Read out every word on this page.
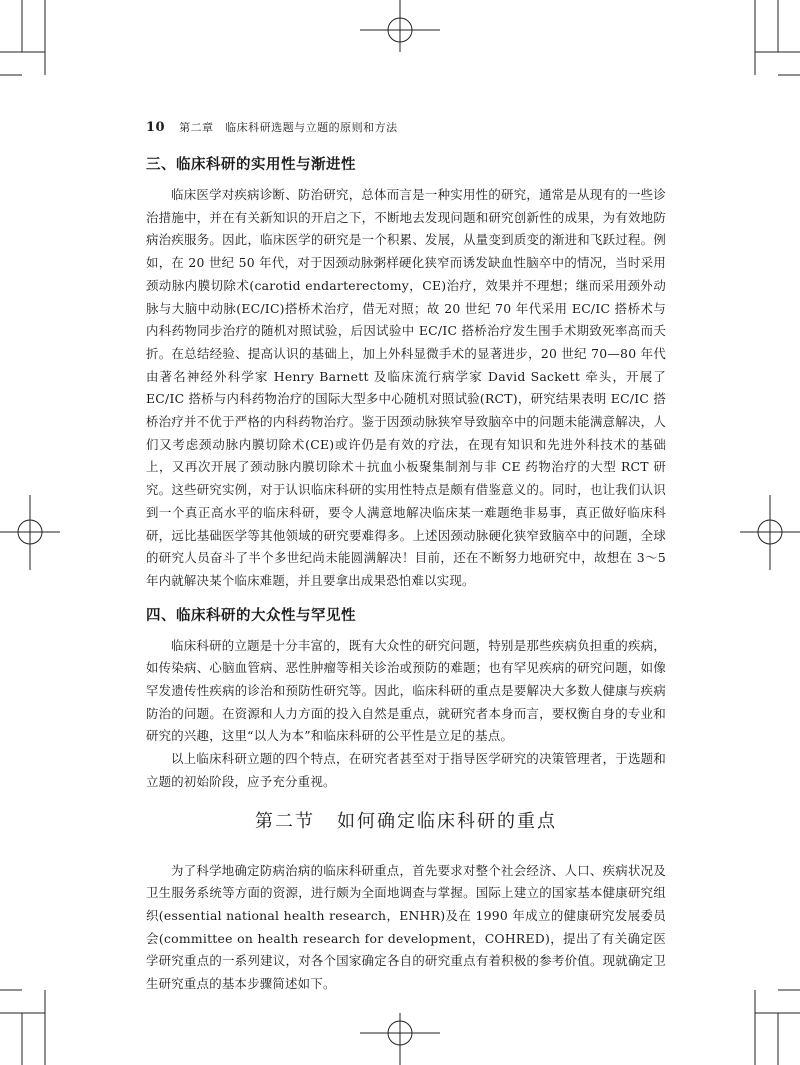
10 第二章　临床科研选题与立题的原则和方法
三、临床科研的实用性与渐进性

临床医学对疾病诊断、防治研究，总体而言是一种实用性的研究，通常是从现有的一些诊治措施中，并在有关新知识的开启之下，不断地去发现问题和研究创新性的成果，为有效地防病治疾服务。因此，临床医学的研究是一个积累、发展，从量变到质变的渐进和飞跃过程。例如，在 20 世纪 50 年代，对于因颈动脉粥样硬化狭窄而诱发缺血性脑卒中的情况，当时采用颈动脉内膜切除术(carotid endarterectomy，CE)治疗，效果并不理想；继而采用颈外动脉与大脑中动脉(EC/IC)搭桥术治疗，借无对照；故 20 世纪 70 年代采用 EC/IC 搭桥术与内科药物同步治疗的随机对照试验，后因试验中 EC/IC 搭桥治疗发生围手术期致死率高而夭折。在总结经验、提高认识的基础上，加上外科显微手术的显著进步，20 世纪 70—80 年代由著名神经外科学家 Henry Barnett 及临床流行病学家 David Sackett 牵头，开展了 EC/IC 搭桥与内科药物治疗的国际大型多中心随机对照试验(RCT)，研究结果表明 EC/IC 搭桥治疗并不优于严格的内科药物治疗。鉴于因颈动脉狭窄导致脑卒中的问题未能满意解决，人们又考虑颈动脉内膜切除术(CE)或许仍是有效的疗法，在现有知识和先进外科技术的基础上，又再次开展了颈动脉内膜切除术＋抗血小板聚集制剂与非 CE 药物治疗的大型 RCT 研究。这些研究实例，对于认识临床科研的实用性特点是颇有借鉴意义的。同时，也让我们认识到一个真正高水平的临床科研，要令人满意地解决临床某一难题绝非易事，真正做好临床科研，远比基础医学等其他领域的研究要难得多。上述因颈动脉硬化狭窄致脑卒中的问题，全球的研究人员奋斗了半个多世纪尚未能圆满解决！目前，还在不断努力地研究中，故想在 3～5 年内就解决某个临床难题，并且要拿出成果恐怕难以实现。

四、临床科研的大众性与罕见性

临床科研的立题是十分丰富的，既有大众性的研究问题，特别是那些疾病负担重的疾病，如传染病、心脑血管病、恶性肿瘤等相关诊治或预防的难题；也有罕见疾病的研究问题，如像罕发遗传性疾病的诊治和预防性研究等。因此，临床科研的重点是要解决大多数人健康与疾病防治的问题。在资源和人力方面的投入自然是重点，就研究者本身而言，要权衡自身的专业和研究的兴趣，这里“以人为本”和临床科研的公平性是立足的基点。

以上临床科研立题的四个特点，在研究者甚至对于指导医学研究的决策管理者，于选题和立题的初始阶段，应予充分重视。

第二节 如何确定临床科研的重点

为了科学地确定防病治病的临床科研重点，首先要求对整个社会经济、人口、疾病状况及卫生服务系统等方面的资源，进行颇为全面地调查与掌握。国际上建立的国家基本健康研究组织(essential national health research，ENHR)及在 1990 年成立的健康研究发展委员会(committee on health research for development，COHRED)，提出了有关确定医学研究重点的一系列建议，对各个国家确定各自的研究重点有着积极的参考价值。现就确定卫生研究重点的基本步骤简述如下。
